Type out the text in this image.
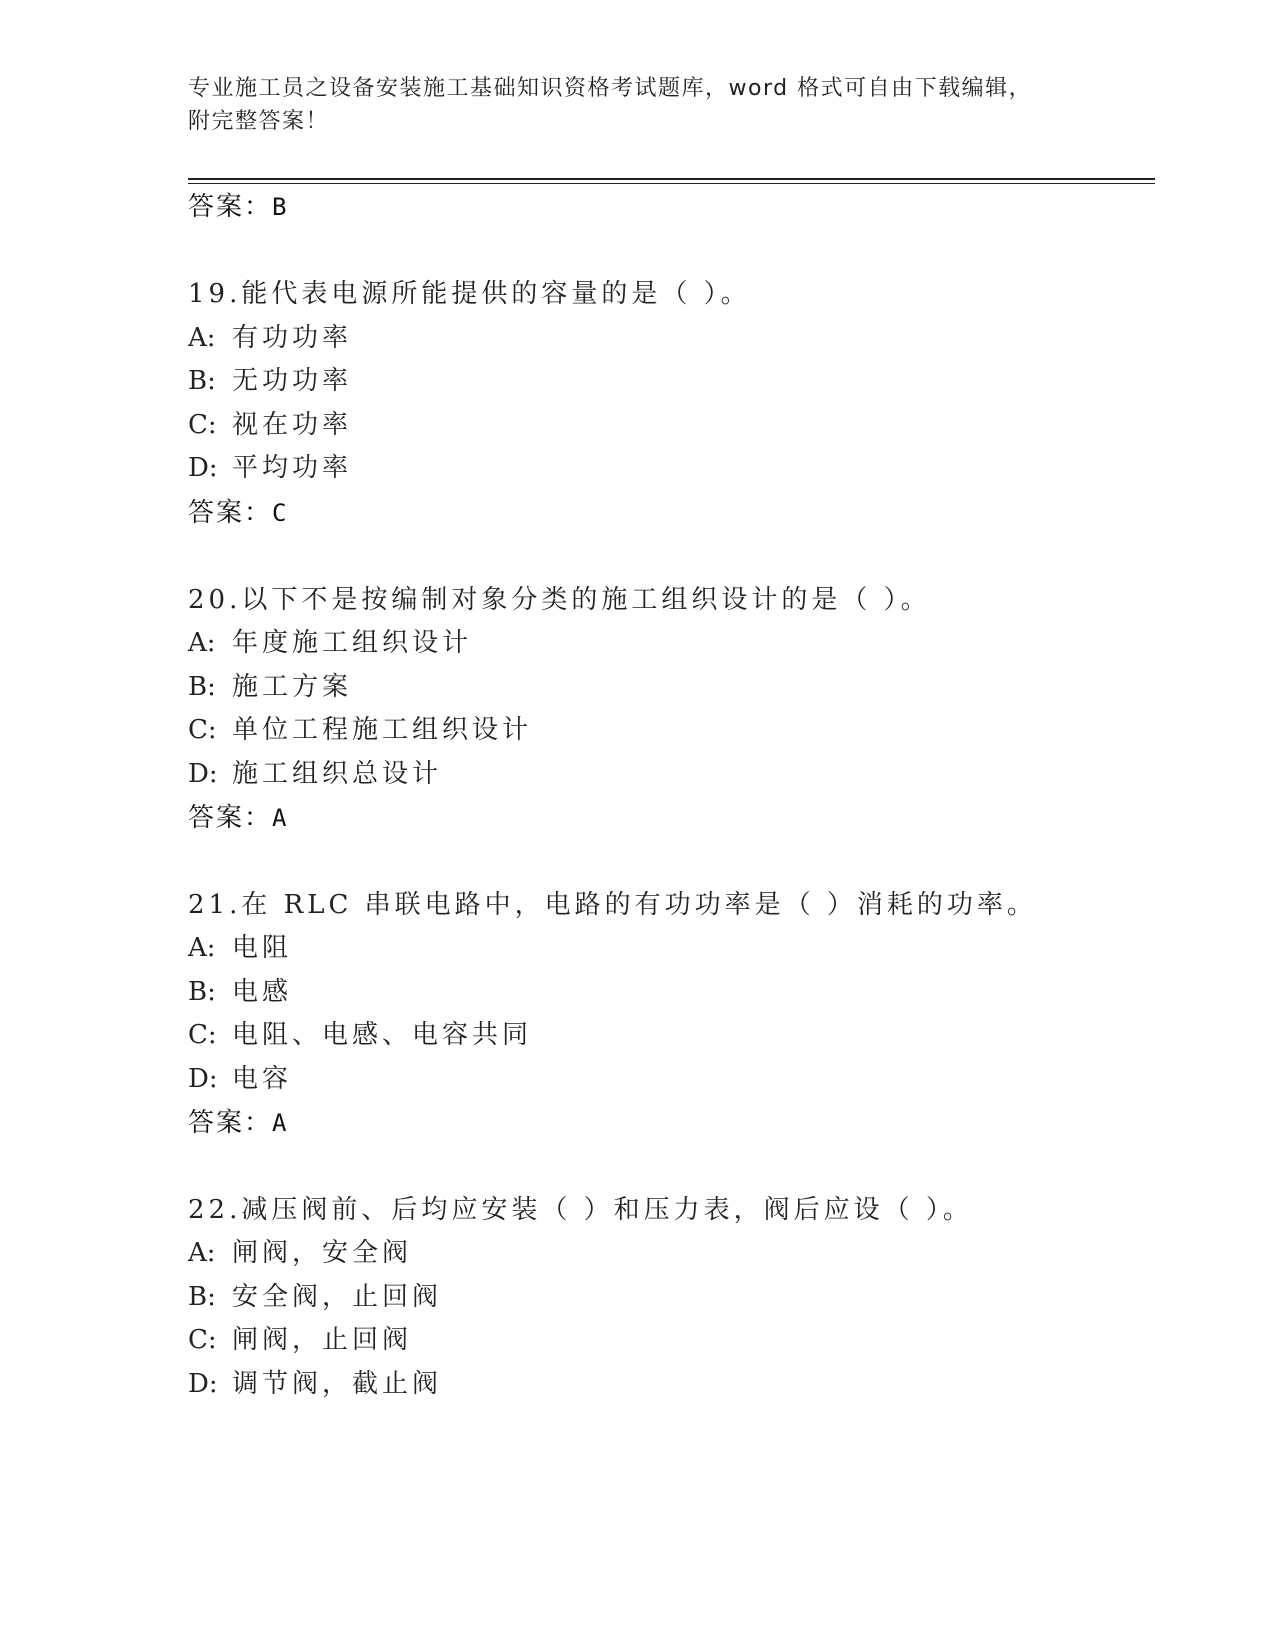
专业施工员之设备安装施工基础知识资格考试题库，word 格式可自由下载编辑，
附完整答案！
答案：B
19.能代表电源所能提供的容量的是（ ）。
A: 有功功率
B: 无功功率
C: 视在功率
D: 平均功率
答案：C
20.以下不是按编制对象分类的施工组织设计的是（ ）。
A: 年度施工组织设计
B: 施工方案
C: 单位工程施工组织设计
D: 施工组织总设计
答案：A
21.在 RLC 串联电路中，电路的有功功率是（ ）消耗的功率。
A: 电阻
B: 电感
C: 电阻、电感、电容共同
D: 电容
答案：A
22.减压阀前、后均应安装（ ）和压力表，阀后应设（ ）。
A: 闸阀，安全阀
B: 安全阀，止回阀
C: 闸阀，止回阀
D: 调节阀，截止阀
